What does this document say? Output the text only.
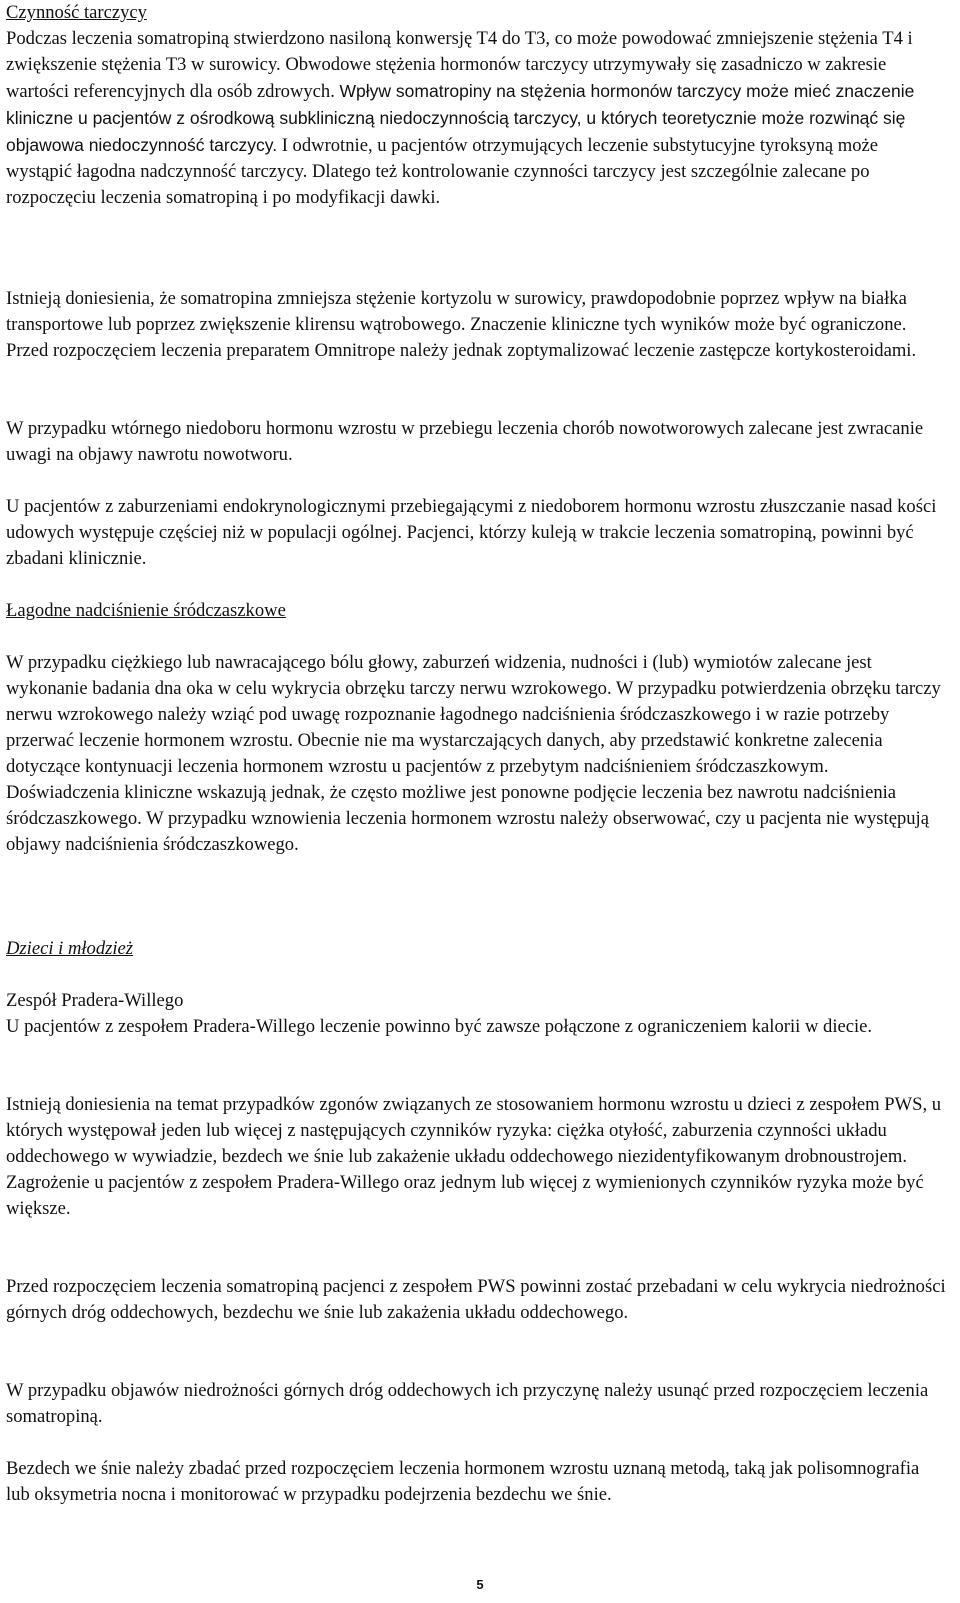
Czynność tarczycy

Podczas leczenia somatropiną stwierdzono nasiloną konwersję T4 do T3, co może powodować zmniejszenie stężenia T4 i zwiększenie stężenia T3 w surowicy. Obwodowe stężenia hormonów tarczycy utrzymywały się zasadniczo w zakresie wartości referencyjnych dla osób zdrowych. Wpływ somatropiny na stężenia hormonów tarczycy może mieć znaczenie kliniczne u pacjentów z ośrodkową subkliniczną niedoczynnością tarczycy, u których teoretycznie może rozwinąć się objawowa niedoczynność tarczycy. I odwrotnie, u pacjentów otrzymujących leczenie substytucyjne tyroksyną może wystąpić łagodna nadczynność tarczycy. Dlatego też kontrolowanie czynności tarczycy jest szczególnie zalecane po rozpoczęciu leczenia somatropiną i po modyfikacji dawki.

Istnieją doniesienia, że somatropina zmniejsza stężenie kortyzolu w surowicy, prawdopodobnie poprzez wpływ na białka transportowe lub poprzez zwiększenie klirensu wątrobowego. Znaczenie kliniczne tych wyników może być ograniczone. Przed rozpoczęciem leczenia preparatem Omnitrope należy jednak zoptymalizować leczenie zastępcze kortykosteroidami.

W przypadku wtórnego niedoboru hormonu wzrostu w przebiegu leczenia chorób nowotworowych zalecane jest zwracanie uwagi na objawy nawrotu nowotworu.

U pacjentów z zaburzeniami endokrynologicznymi przebiegającymi z niedoborem hormonu wzrostu złuszczanie nasad kości udowych występuje częściej niż w populacji ogólnej. Pacjenci, którzy kuleją w trakcie leczenia somatropiną, powinni być zbadani klinicznie.

Łagodne nadciśnienie śródczaszkowe

W przypadku ciężkiego lub nawracającego bólu głowy, zaburzeń widzenia, nudności i (lub) wymiotów zalecane jest wykonanie badania dna oka w celu wykrycia obrzęku tarczy nerwu wzrokowego. W przypadku potwierdzenia obrzęku tarczy nerwu wzrokowego należy wziąć pod uwagę rozpoznanie łagodnego nadciśnienia śródczaszkowego i w razie potrzeby przerwać leczenie hormonem wzrostu. Obecnie nie ma wystarczających danych, aby przedstawić konkretne zalecenia dotyczące kontynuacji leczenia hormonem wzrostu u pacjentów z przebytym nadciśnieniem śródczaszkowym. Doświadczenia kliniczne wskazują jednak, że często możliwe jest ponowne podjęcie leczenia bez nawrotu nadciśnienia śródczaszkowego. W przypadku wznowienia leczenia hormonem wzrostu należy obserwować, czy u pacjenta nie występują objawy nadciśnienia śródczaszkowego.

Dzieci i młodzież
Zespół Pradera-Willego

U pacjentów z zespołem Pradera-Willego leczenie powinno być zawsze połączone z ograniczeniem kalorii w diecie.

Istnieją doniesienia na temat przypadków zgonów związanych ze stosowaniem hormonu wzrostu u dzieci z zespołem PWS, u których występował jeden lub więcej z następujących czynników ryzyka: ciężka otyłość, zaburzenia czynności układu oddechowego w wywiadzie, bezdech we śnie lub zakażenie układu oddechowego niezidentyfikowanym drobnoustrojem. Zagrożenie u pacjentów z zespołem Pradera-Willego oraz jednym lub więcej z wymienionych czynników ryzyka może być większe.

Przed rozpoczęciem leczenia somatropiną pacjenci z zespołem PWS powinni zostać przebadani w celu wykrycia niedrożności górnych dróg oddechowych, bezdechu we śnie lub zakażenia układu oddechowego.

W przypadku objawów niedrożności górnych dróg oddechowych ich przyczynę należy usunąć przed rozpoczęciem leczenia somatropiną.

Bezdech we śnie należy zbadać przed rozpoczęciem leczenia hormonem wzrostu uznaną metodą, taką jak polisomnografia lub oksymetria nocna i monitorować w przypadku podejrzenia bezdechu we śnie.

5
